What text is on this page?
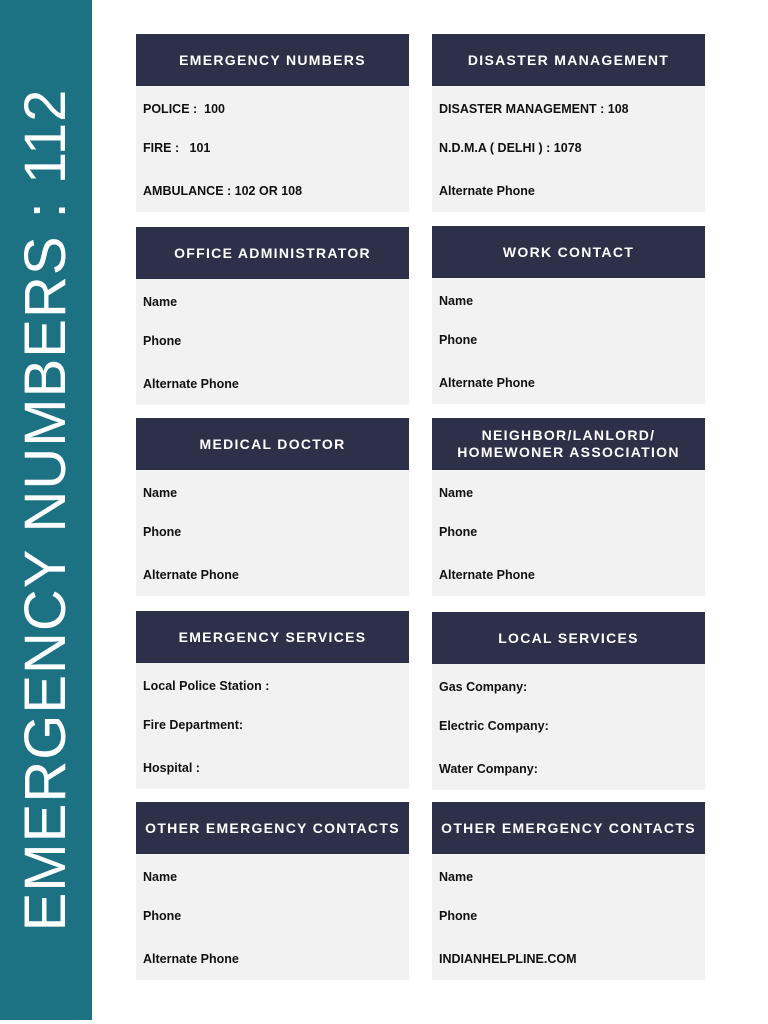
EMERGENCY NUMBERS : 112
EMERGENCY NUMBERS
POLICE :  100
FIRE :   101
AMBULANCE : 102 OR 108
DISASTER MANAGEMENT
DISASTER MANAGEMENT : 108
N.D.M.A ( DELHI ) : 1078
Alternate Phone
OFFICE ADMINISTRATOR
Name
Phone
Alternate Phone
WORK CONTACT
Name
Phone
Alternate Phone
MEDICAL DOCTOR
Name
Phone
Alternate Phone
NEIGHBOR/LANLORD/
HOMEWONER ASSOCIATION
Name
Phone
Alternate Phone
EMERGENCY SERVICES
Local Police Station :
Fire Department:
Hospital :
LOCAL SERVICES
Gas Company:
Electric Company:
Water Company:
OTHER EMERGENCY CONTACTS
Name
Phone
Alternate Phone
OTHER EMERGENCY CONTACTS
Name
Phone
INDIANHELPLINE.COM
